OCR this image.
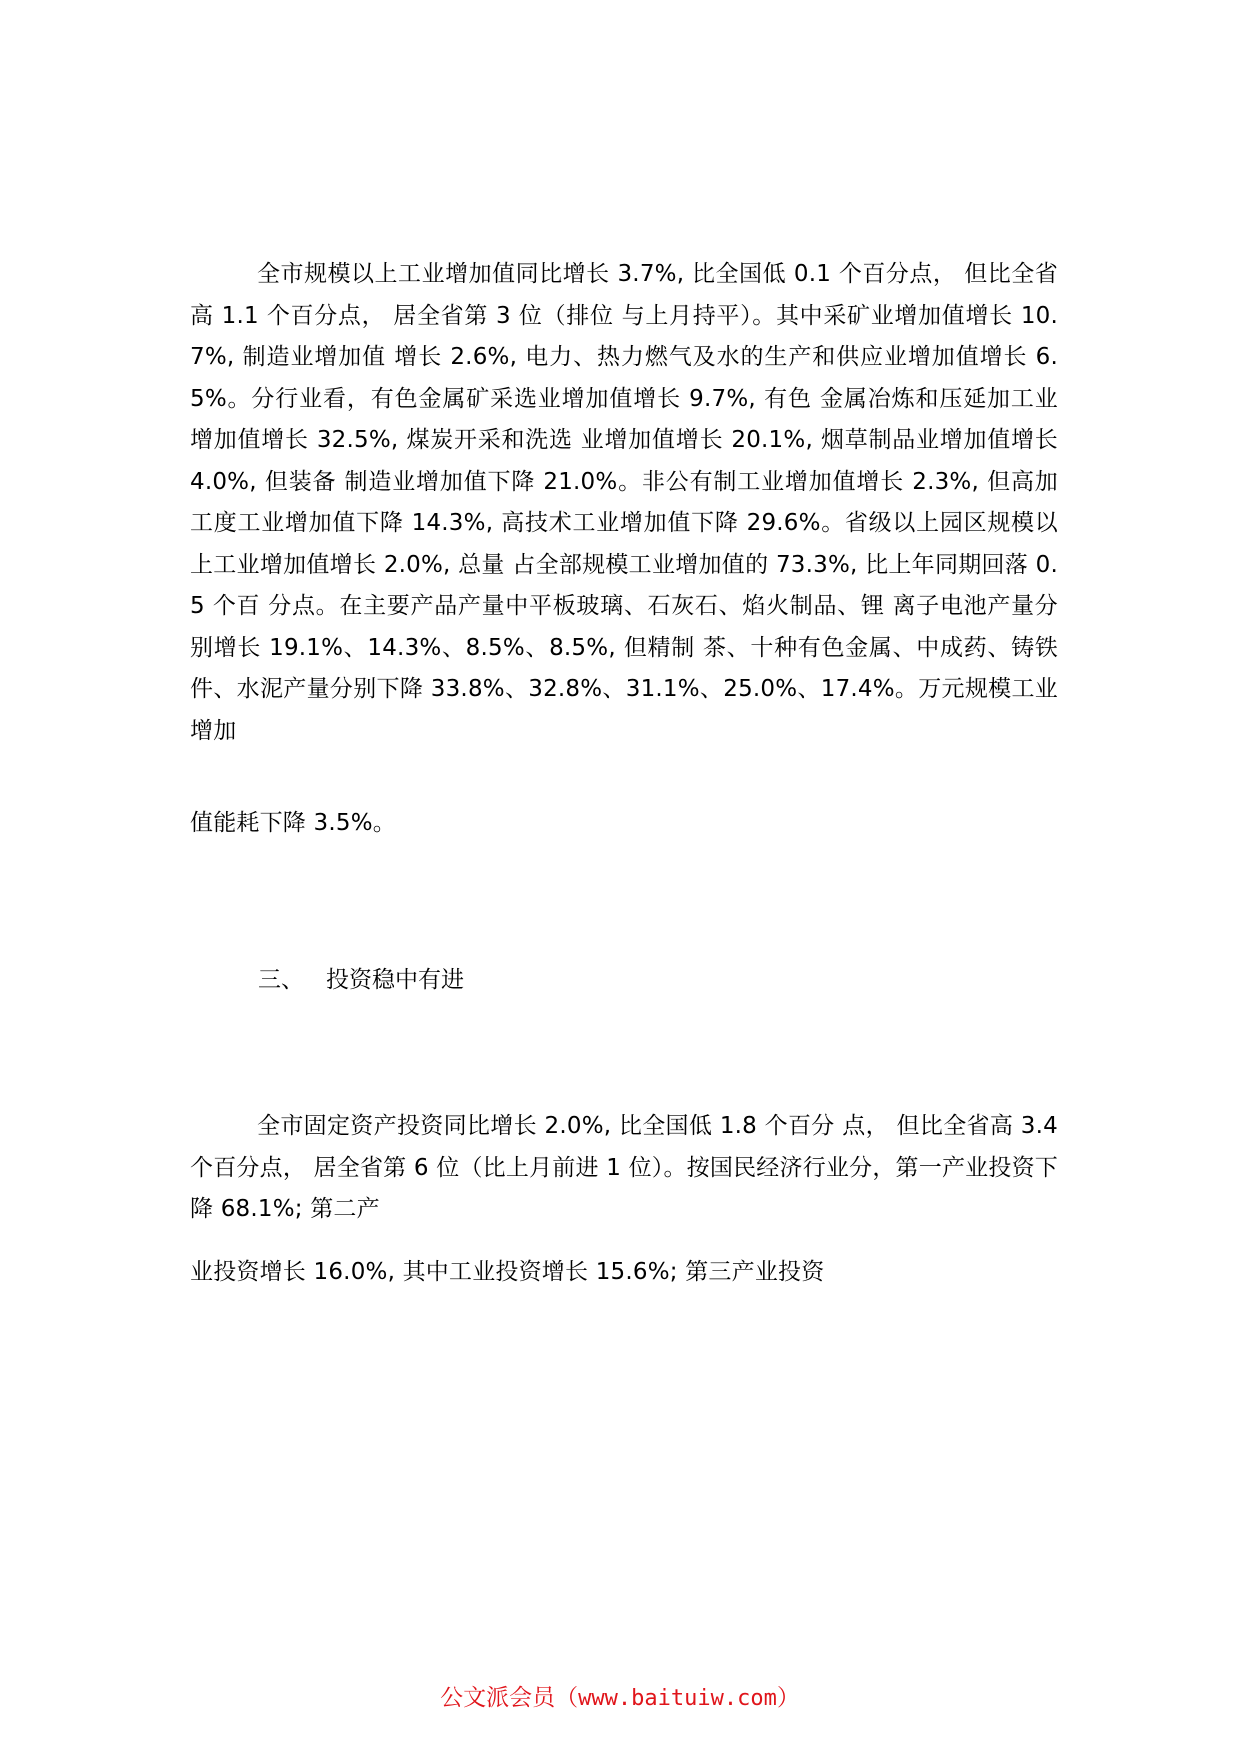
全市规模以上工业增加值同比增长 3.7%, 比全国低 0.1 个百分点， 但比全省高 1.1 个百分点， 居全省第 3 位（排位 与上月持平）。其中采矿业增加值增长 10.7%, 制造业增加值 增长 2.6%, 电力、热力燃气及水的生产和供应业增加值增长 6.5%。分行业看，有色金属矿采选业增加值增长 9.7%, 有色 金属冶炼和压延加工业增加值增长 32.5%, 煤炭开采和洗选 业增加值增长 20.1%, 烟草制品业增加值增长 4.0%, 但装备 制造业增加值下降 21.0%。非公有制工业增加值增长 2.3%, 但高加工度工业增加值下降 14.3%, 高技术工业增加值下降 29.6%。省级以上园区规模以上工业增加值增长 2.0%, 总量 占全部规模工业增加值的 73.3%, 比上年同期回落 0.5 个百 分点。在主要产品产量中平板玻璃、石灰石、焰火制品、锂 离子电池产量分别增长 19.1%、14.3%、8.5%、8.5%, 但精制 茶、十种有色金属、中成药、铸铁件、水泥产量分别下降 33.8%、32.8%、31.1%、25.0%、17.4%。万元规模工业增加

值能耗下降 3.5%。

三、 投资稳中有进

全市固定资产投资同比增长 2.0%, 比全国低 1.8 个百分 点， 但比全省高 3.4 个百分点， 居全省第 6 位（比上月前进 1 位）。按国民经济行业分，第一产业投资下降 68.1%; 第二产

业投资增长 16.0%, 其中工业投资增长 15.6%; 第三产业投资

公文派会员（www.baituiw.com）
